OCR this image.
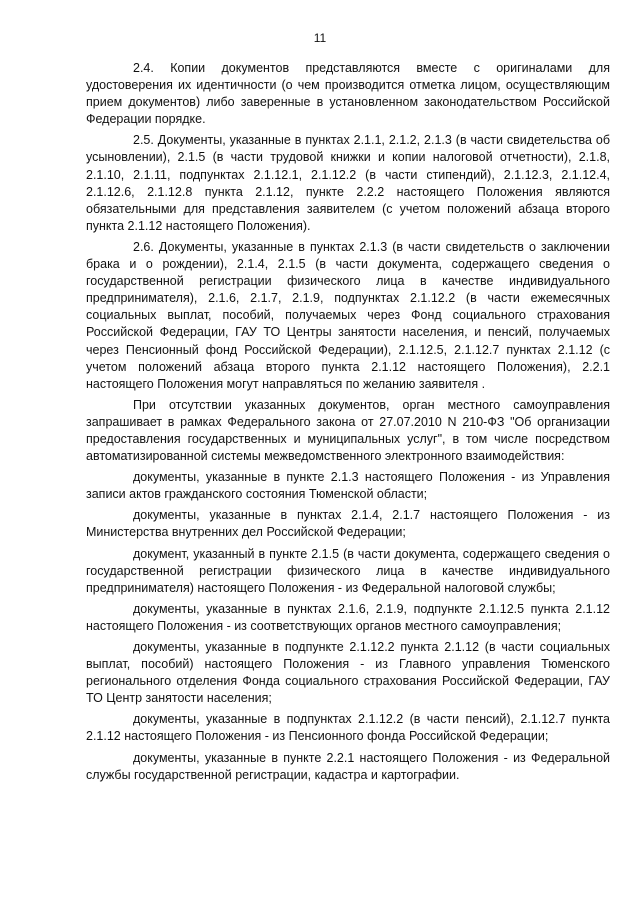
11

2.4. Копии документов представляются вместе с оригиналами для удостоверения их идентичности (о чем производится отметка лицом, осуществляющим прием документов) либо заверенные в установленном законодательством Российской Федерации порядке.

2.5. Документы, указанные в пунктах 2.1.1, 2.1.2, 2.1.3 (в части свидетельства об усыновлении), 2.1.5 (в части трудовой книжки и копии налоговой отчетности), 2.1.8, 2.1.10, 2.1.11, подпунктах 2.1.12.1, 2.1.12.2 (в части стипендий), 2.1.12.3, 2.1.12.4, 2.1.12.6, 2.1.12.8 пункта 2.1.12, пункте 2.2.2 настоящего Положения являются обязательными для представления заявителем (с учетом положений абзаца второго пункта 2.1.12 настоящего Положения).

2.6. Документы, указанные в пунктах 2.1.3 (в части свидетельств о заключении брака и о рождении), 2.1.4, 2.1.5 (в части документа, содержащего сведения о государственной регистрации физического лица в качестве индивидуального предпринимателя), 2.1.6, 2.1.7, 2.1.9, подпунктах 2.1.12.2 (в части ежемесячных социальных выплат, пособий, получаемых через Фонд социального страхования Российской Федерации, ГАУ ТО Центры занятости населения, и пенсий, получаемых через Пенсионный фонд Российской Федерации), 2.1.12.5, 2.1.12.7 пунктах 2.1.12 (с учетом положений абзаца второго пункта 2.1.12 настоящего Положения), 2.2.1 настоящего Положения могут направляться по желанию заявителя .

При отсутствии указанных документов, орган местного самоуправления запрашивает в рамках Федерального закона от 27.07.2010 N 210-ФЗ "Об организации предоставления государственных и муниципальных услуг", в том числе посредством автоматизированной системы межведомственного электронного взаимодействия:

документы, указанные в пункте 2.1.3 настоящего Положения - из Управления записи актов гражданского состояния Тюменской области;

документы, указанные в пунктах 2.1.4, 2.1.7 настоящего Положения - из Министерства внутренних дел Российской Федерации;

документ, указанный в пункте 2.1.5 (в части документа, содержащего сведения о государственной регистрации физического лица в качестве индивидуального предпринимателя) настоящего Положения - из Федеральной налоговой службы;

документы, указанные в пунктах 2.1.6, 2.1.9, подпункте 2.1.12.5 пункта 2.1.12 настоящего Положения - из соответствующих органов местного самоуправления;

документы, указанные в подпункте 2.1.12.2 пункта 2.1.12 (в части социальных выплат, пособий) настоящего Положения - из Главного управления Тюменского регионального отделения Фонда социального страхования Российской Федерации, ГАУ ТО Центр занятости населения;

документы, указанные в подпунктах 2.1.12.2 (в части пенсий), 2.1.12.7 пункта 2.1.12 настоящего Положения - из Пенсионного фонда Российской Федерации;

документы, указанные в пункте 2.2.1 настоящего Положения - из Федеральной службы государственной регистрации, кадастра и картографии.
